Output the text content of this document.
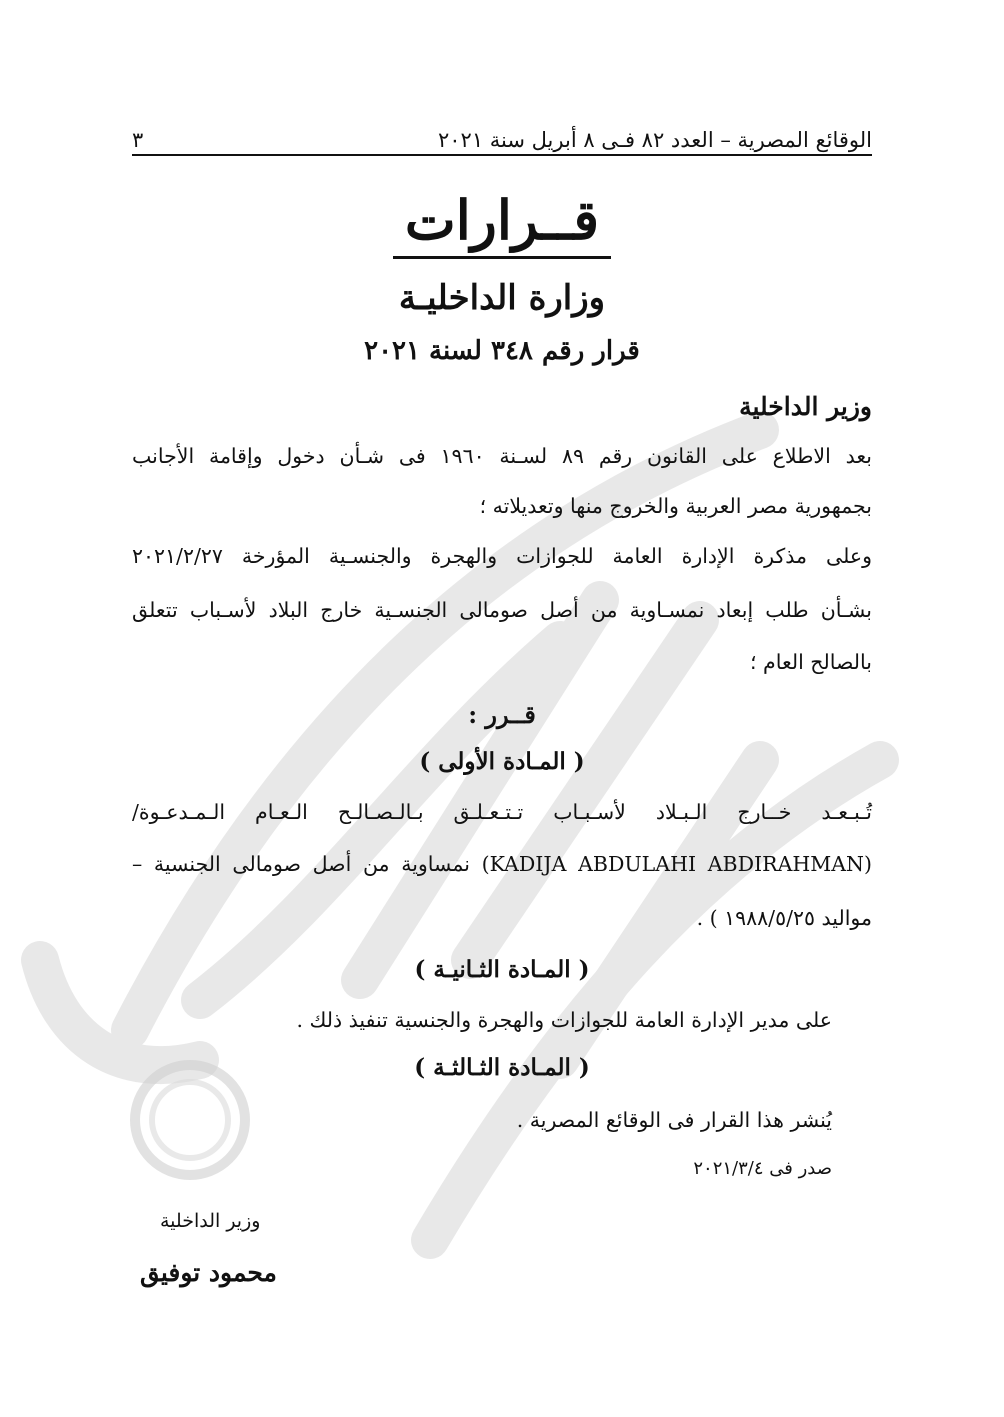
الوقائع المصرية – العدد ٨٢ فـى ٨ أبريل سنة ٢٠٢١
٣
قــرارات
وزارة الداخليـة
قرار رقم ٣٤٨ لسنة ٢٠٢١
وزير الداخلية
بعد الاطلاع على القانون رقم ٨٩ لسـنة ١٩٦٠ فى شـأن دخول وإقامة الأجانب
بجمهورية مصر العربية والخروج منها وتعديلاته ؛
وعلى مذكرة الإدارة العامة للجوازات والهجرة والجنسـية المؤرخة ٢٠٢١/٢/٢٧
بشـأن طلب إبعاد نمسـاوية من أصل صومالى الجنسـية خارج البلاد لأسـباب تتعلق
بالصالح العام ؛
قــرر :
( المـادة الأولى )
تُـبـعـد خــارج الـبـلاد لأسـبـاب تـتـعـلـق بـالـصـالـح الـعـام الـمـدعـوة/
(KADIJA ABDULAHI ABDIRAHMAN) نمساوية من أصل صومالى الجنسية –
مواليد ١٩٨٨/٥/٢٥ ) .
( المـادة الثـانيـة )
على مدير الإدارة العامة للجوازات والهجرة والجنسية تنفيذ ذلك .
( المـادة الثـالثـة )
يُنشر هذا القرار فى الوقائع المصرية .
صدر فى ٢٠٢١/٣/٤
وزير الداخلية
محمود توفيق
